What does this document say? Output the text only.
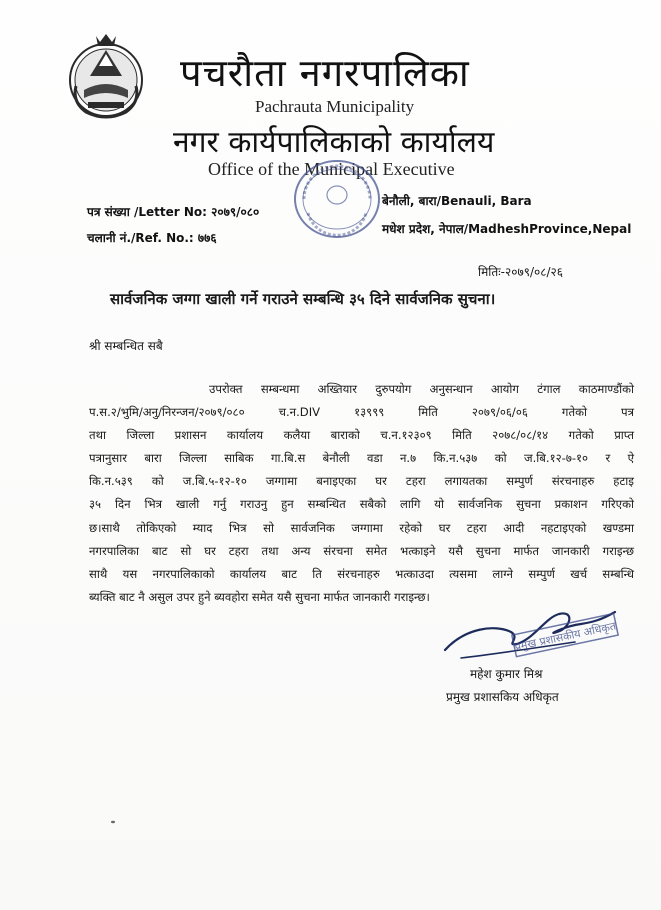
पचरौता नगरपालिका
Pachrauta Municipality
नगर कार्यपालिकाको कार्यालय
Office of the Municipal Executive
पत्र संख्या /Letter No: २०७९/०८०
चलानी नं./Ref. No.: ७७६
बेनौली, बारा/Benauli, Bara
मधेश प्रदेश, नेपाल/MadheshProvince,Nepal
मितिः-२०७९/०८/२६
सार्वजनिक जग्गा खाली गर्ने गराउने सम्बन्धि ३५ दिने सार्वजनिक सुचना।
श्री सम्बन्धित सबै
उपरोक्त सम्बन्धमा अख्तियार दुरुपयोग अनुसन्धान आयोग टंगाल काठमाण्डौंको
प.स.२/भुमि/अनु/निरन्जन/२०७९/०८० च.न.DIV १३९९९ मिति २०७९/०६/०६ गतेको पत्र
तथा जिल्ला प्रशासन कार्यालय कलैया बाराको च.न.१२३०९ मिति २०७८/०८/१४ गतेको प्राप्त
पत्रानुसार बारा जिल्ला साबिक गा.बि.स बेनौली वडा न.७ कि.न.५३७ को ज.बि.१२-७-१० र ऐ
कि.न.५३९ को ज.बि.५-१२-१० जग्गामा बनाइएका घर टहरा लगायतका सम्पुर्ण संरचनाहरु हटाइ
३५ दिन भित्र खाली गर्नु गराउनु हुन सम्बन्धित सबैको लागि यो सार्वजनिक सुचना प्रकाशन गरिएको
छ।साथै तोकिएको म्याद भित्र सो सार्वजनिक जग्गामा रहेको घर टहरा आदी नहटाइएको खण्डमा
नगरपालिका बाट सो घर टहरा तथा अन्य संरचना समेत भत्काइने यसै सुचना मार्फत जानकारी गराइन्छ
साथै यस नगरपालिकाको कार्यालय बाट ति संरचनाहरु भत्काउदा त्यसमा लाग्ने सम्पुर्ण खर्च सम्बन्धि
ब्यक्ति बाट नै असुल उपर हुने ब्यवहोरा समेत यसै सुचना मार्फत जानकारी गराइन्छ।
प्रमुख प्रशासकीय अधिकृत
महेश कुमार मिश्र
प्रमुख प्रशासकिय अधिकृत
